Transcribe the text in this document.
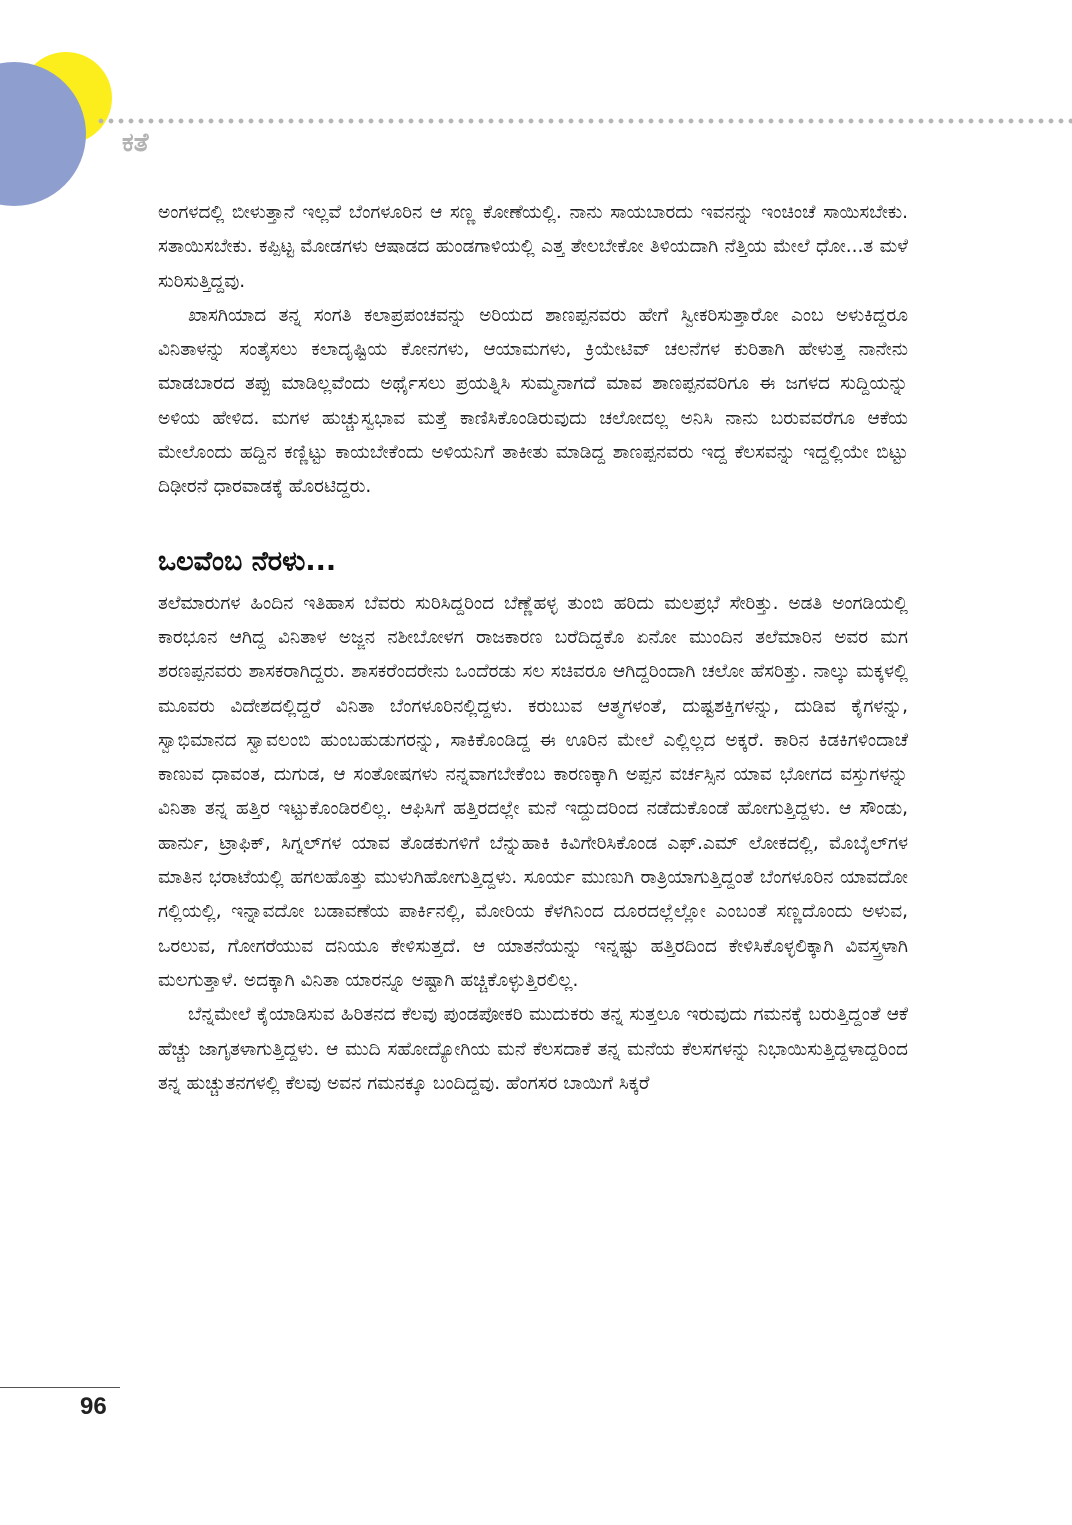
ಕತೆ

ಅಂಗಳದಲ್ಲಿ ಬೀಳುತ್ತಾನೆ ಇಲ್ಲವೆ ಬೆಂಗಳೂರಿನ ಆ ಸಣ್ಣ ಕೋಣೆಯಲ್ಲಿ. ನಾನು ಸಾಯಬಾರದು ಇವನನ್ನು ಇಂಚಿಂಚೆ ಸಾಯಿಸಬೇಕು. ಸತಾಯಿಸಬೇಕು. ಕಪ್ಪಿಟ್ಟ ಮೋಡಗಳು ಆಷಾಡದ ಹುಂಡಗಾಳಿಯಲ್ಲಿ ಎತ್ತ ತೇಲಬೇಕೋ ತಿಳಿಯದಾಗಿ ನೆತ್ತಿಯ ಮೇಲೆ ಧೋ...ತ ಮಳೆ ಸುರಿಸುತ್ತಿದ್ದವು.

ಖಾಸಗಿಯಾದ ತನ್ನ ಸಂಗತಿ ಕಲಾಪ್ರಪಂಚವನ್ನು ಅರಿಯದ ಶಾಣಪ್ಪನವರು ಹೇಗೆ ಸ್ವೀಕರಿಸುತ್ತಾರೋ ಎಂಬ ಅಳುಕಿದ್ದರೂ ವಿನಿತಾಳನ್ನು ಸಂತೈಸಲು ಕಲಾದೃಷ್ಟಿಯ ಕೋನಗಳು, ಆಯಾಮಗಳು, ಕ್ರಿಯೇಟಿವ್ ಚಲನೆಗಳ ಕುರಿತಾಗಿ ಹೇಳುತ್ತ ನಾನೇನು ಮಾಡಬಾರದ ತಪ್ಪು ಮಾಡಿಲ್ಲವೆಂದು ಅರ್ಥೈಸಲು ಪ್ರಯತ್ನಿಸಿ ಸುಮ್ಮನಾಗದೆ ಮಾವ ಶಾಣಪ್ಪನವರಿಗೂ ಈ ಜಗಳದ ಸುದ್ದಿಯನ್ನು ಅಳಿಯ ಹೇಳಿದ. ಮಗಳ ಹುಚ್ಚುಸ್ವಭಾವ ಮತ್ತೆ ಕಾಣಿಸಿಕೊಂಡಿರುವುದು ಚಲೋದಲ್ಲ ಅನಿಸಿ ನಾನು ಬರುವವರೆಗೂ ಆಕೆಯ ಮೇಲೊಂದು ಹದ್ದಿನ ಕಣ್ಣಿಟ್ಟು ಕಾಯಬೇಕೆಂದು ಅಳಿಯನಿಗೆ ತಾಕೀತು ಮಾಡಿದ್ದ ಶಾಣಪ್ಪನವರು ಇದ್ದ ಕೆಲಸವನ್ನು ಇದ್ದಲ್ಲಿಯೇ ಬಿಟ್ಟು ದಿಢೀರನೆ ಧಾರವಾಡಕ್ಕೆ ಹೊರಟಿದ್ದರು.

ಒಲವೆಂಬ ನೆರಳು...

ತಲೆಮಾರುಗಳ ಹಿಂದಿನ ಇತಿಹಾಸ ಬೆವರು ಸುರಿಸಿದ್ದರಿಂದ ಬೆಣ್ಣೆಹಳ್ಳ ತುಂಬಿ ಹರಿದು ಮಲಪ್ರಭೆ ಸೇರಿತ್ತು. ಅಡತಿ ಅಂಗಡಿಯಲ್ಲಿ ಕಾರಭೂನ ಆಗಿದ್ದ ವಿನಿತಾಳ ಅಜ್ಜನ ನಶೀಬೋಳಗ ರಾಜಕಾರಣ ಬರೆದಿದ್ದಕೊ ಏನೋ ಮುಂದಿನ ತಲೆಮಾರಿನ ಅವರ ಮಗ ಶರಣಪ್ಪನವರು ಶಾಸಕರಾಗಿದ್ದರು. ಶಾಸಕರೆಂದರೇನು ಒಂದೆರಡು ಸಲ ಸಚಿವರೂ ಆಗಿದ್ದರಿಂದಾಗಿ ಚಲೋ ಹೆಸರಿತ್ತು. ನಾಲ್ಕು ಮಕ್ಕಳಲ್ಲಿ ಮೂವರು ವಿದೇಶದಲ್ಲಿದ್ದರೆ ವಿನಿತಾ ಬೆಂಗಳೂರಿನಲ್ಲಿದ್ದಳು. ಕರುಬುವ ಆತ್ಮಗಳಂತೆ, ದುಷ್ಟಶಕ್ತಿಗಳನ್ನು, ದುಡಿವ ಕೈಗಳನ್ನು, ಸ್ವಾಭಿಮಾನದ ಸ್ವಾವಲಂಬಿ ಹುಂಬಹುಡುಗರನ್ನು, ಸಾಕಿಕೊಂಡಿದ್ದ ಈ ಊರಿನ ಮೇಲೆ ಎಲ್ಲಿಲ್ಲದ ಅಕ್ಕರೆ. ಕಾರಿನ ಕಿಡಕಿಗಳಿಂದಾಚೆ ಕಾಣುವ ಧಾವಂತ, ದುಗುಡ, ಆ ಸಂತೋಷಗಳು ನನ್ನವಾಗಬೇಕೆಂಬ ಕಾರಣಕ್ಕಾಗಿ ಅಪ್ಪನ ವರ್ಚಸ್ಸಿನ ಯಾವ ಭೋಗದ ವಸ್ತುಗಳನ್ನು ವಿನಿತಾ ತನ್ನ ಹತ್ತಿರ ಇಟ್ಟುಕೊಂಡಿರಲಿಲ್ಲ. ಆಫಿಸಿಗೆ ಹತ್ತಿರದಲ್ಲೇ ಮನೆ ಇದ್ದುದರಿಂದ ನಡೆದುಕೊಂಡೆ ಹೋಗುತ್ತಿದ್ದಳು. ಆ ಸೌಂಡು, ಹಾರ್ನು, ಟ್ರಾಫಿಕ್, ಸಿಗ್ನಲ್‌ಗಳ ಯಾವ ತೊಡಕುಗಳಿಗೆ ಬೆನ್ನುಹಾಕಿ ಕಿವಿಗೇರಿಸಿಕೊಂಡ ಎಫ್.ಎಮ್ ಲೋಕದಲ್ಲಿ, ಮೊಬೈಲ್‌ಗಳ ಮಾತಿನ ಭರಾಟೆಯಲ್ಲಿ ಹಗಲಹೊತ್ತು ಮುಳುಗಿಹೋಗುತ್ತಿದ್ದಳು. ಸೂರ್ಯ ಮುಣುಗಿ ರಾತ್ರಿಯಾಗುತ್ತಿದ್ದಂತೆ ಬೆಂಗಳೂರಿನ ಯಾವದೋ ಗಲ್ಲಿಯಲ್ಲಿ, ಇನ್ನಾವದೋ ಬಡಾವಣೆಯ ಪಾರ್ಕಿನಲ್ಲಿ, ಮೋರಿಯ ಕೆಳಗಿನಿಂದ ದೂರದಲ್ಲೆಲ್ಲೋ ಎಂಬಂತೆ ಸಣ್ಣದೊಂದು ಅಳುವ, ಒರಲುವ, ಗೋಗರೆಯುವ ದನಿಯೂ ಕೇಳಿಸುತ್ತದೆ. ಆ ಯಾತನೆಯನ್ನು ಇನ್ನಷ್ಟು ಹತ್ತಿರದಿಂದ ಕೇಳಿಸಿಕೊಳ್ಳಲಿಕ್ಕಾಗಿ ವಿವಸ್ತ್ರಳಾಗಿ ಮಲಗುತ್ತಾಳೆ. ಅದಕ್ಕಾಗಿ ವಿನಿತಾ ಯಾರನ್ನೂ ಅಷ್ಟಾಗಿ ಹಚ್ಚಿಕೊಳ್ಳುತ್ತಿರಲಿಲ್ಲ.

ಬೆನ್ನಮೇಲೆ ಕೈಯಾಡಿಸುವ ಹಿರಿತನದ ಕೆಲವು ಪುಂಡಪೋಕರಿ ಮುದುಕರು ತನ್ನ ಸುತ್ತಲೂ ಇರುವುದು ಗಮನಕ್ಕೆ ಬರುತ್ತಿದ್ದಂತೆ ಆಕೆ ಹೆಚ್ಚು ಜಾಗೃತಳಾಗುತ್ತಿದ್ದಳು. ಆ ಮುದಿ ಸಹೋದ್ಯೋಗಿಯ ಮನೆ ಕೆಲಸದಾಕೆ ತನ್ನ ಮನೆಯ ಕೆಲಸಗಳನ್ನು ನಿಭಾಯಿಸುತ್ತಿದ್ದಳಾದ್ದರಿಂದ ತನ್ನ ಹುಚ್ಚುತನಗಳಲ್ಲಿ ಕೆಲವು ಅವನ ಗಮನಕ್ಕೂ ಬಂದಿದ್ದವು. ಹೆಂಗಸರ ಬಾಯಿಗೆ ಸಿಕ್ಕರೆ

96
